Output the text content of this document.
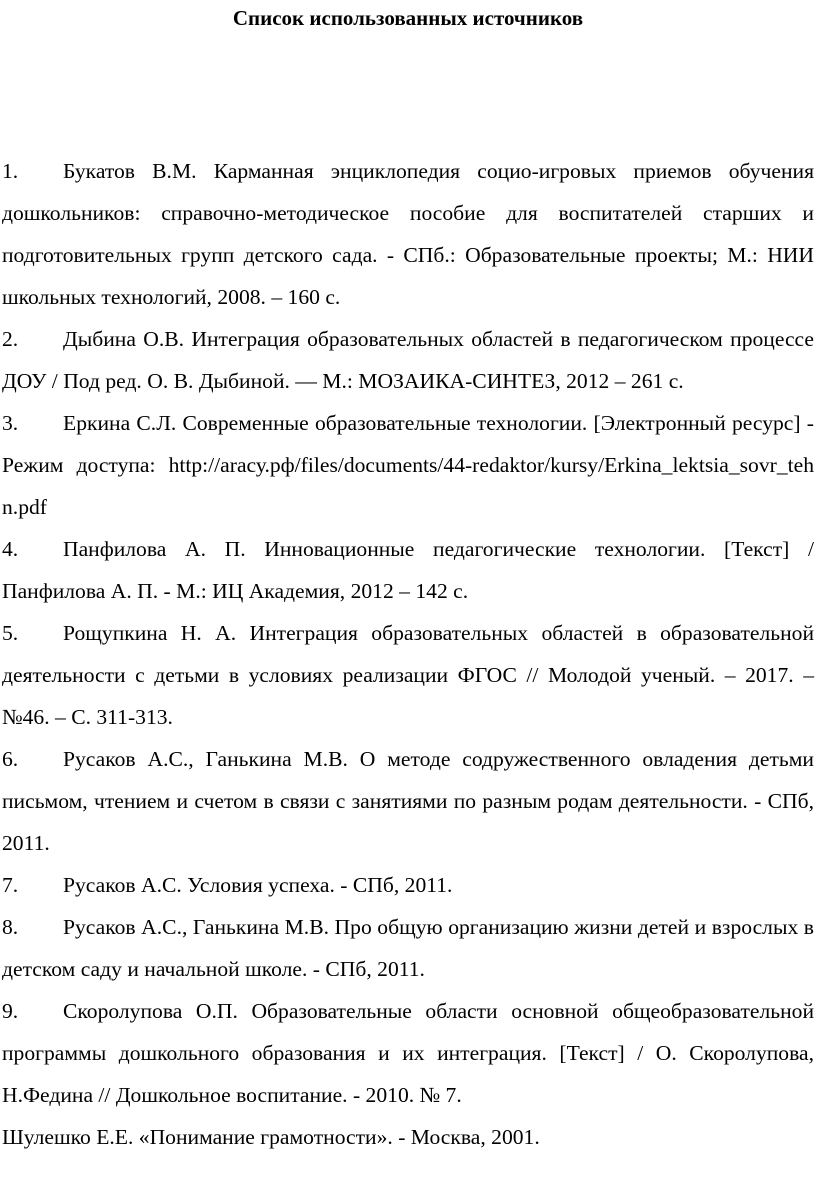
Список использованных источников

1. Букатов В.М. Карманная энциклопедия социо-игровых приемов обучения дошкольников: справочно-методическое пособие для воспитателей старших и подготовительных групп детского сада. - СПб.: Образовательные проекты; М.: НИИ школьных технологий, 2008. – 160 с.

2. Дыбина О.В. Интеграция образовательных областей в педагогическом процессе ДОУ / Под ред. О. В. Дыбиной. –– М.: МОЗАИКА-СИНТЕЗ, 2012 – 261 с.

3. Еркина С.Л. Современные образовательные технологии. [Электронный ресурс] - Режим доступа: http://arасу.рф/files/documents/44-redaktor/kursy/Erkina_lektsia_sovr_tehn.pdf

4. Панфилова А. П. Инновационные педагогические технологии. [Текст] / Панфилова А. П. - М.: ИЦ Академия, 2012 – 142 с.

5. Рощупкина Н. А. Интеграция образовательных областей в образовательной деятельности с детьми в условиях реализации ФГОС // Молодой ученый. – 2017. – №46. – С. 311-313.

6. Русаков А.С., Ганькина М.В. О методе содружественного овладения детьми письмом, чтением и счетом в связи с занятиями по разным родам деятельности. - СПб, 2011.

7. Русаков А.С. Условия успеха. - СПб, 2011.

8. Русаков А.С., Ганькина М.В. Про общую организацию жизни детей и взрослых в детском саду и начальной школе. - СПб, 2011.

9. Скоролупова О.П. Образовательные области основной общеобразовательной программы дошкольного образования и их интеграция. [Текст] / О. Скоролупова, Н.Федина // Дошкольное воспитание. - 2010. № 7.

Шулешко Е.Е. «Понимание грамотности». - Москва, 2001.
